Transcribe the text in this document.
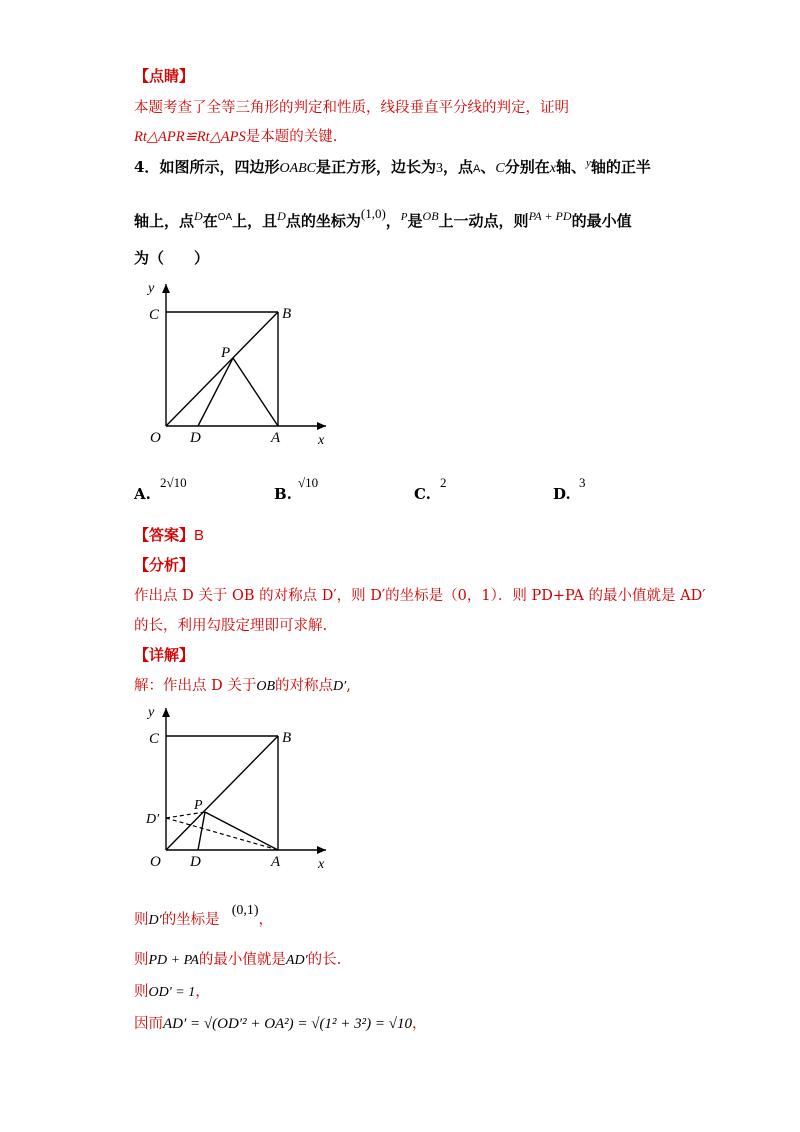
【点睛】
本题考查了全等三角形的判定和性质，线段垂直平分线的判定，证明
Rt△APR≌Rt△APS是本题的关键.
4．如图所示，四边形OABC是正方形，边长为3，点A、C分别在x轴、$^y$轴的正半
轴上，点$^D$在$^{OA}$上，且$^D$点的坐标为(1,0)，$^P$是$^{OB}$上一动点，则$^{PA + PD}$的最小值
为（　　）
y
x
C	B
P
O D	A
A.
2√10
B.
√10
C.
2
D.
3
【答案】B
【分析】
作出点 D 关于 OB 的对称点 D′，则 D′的坐标是（0，1）．则 PD+PA 的最小值就是 AD′
的长，利用勾股定理即可求解.
【详解】
解：作出点 D 关于OB的对称点D′,
y
x
C	B
P
D′
O D	A
则D′的坐标是(0,1)，
则PD + PA的最小值就是AD′的长.
则OD′ = 1，
因而AD′ = √(OD′² + OA²) = √(1² + 3²) = √10，
